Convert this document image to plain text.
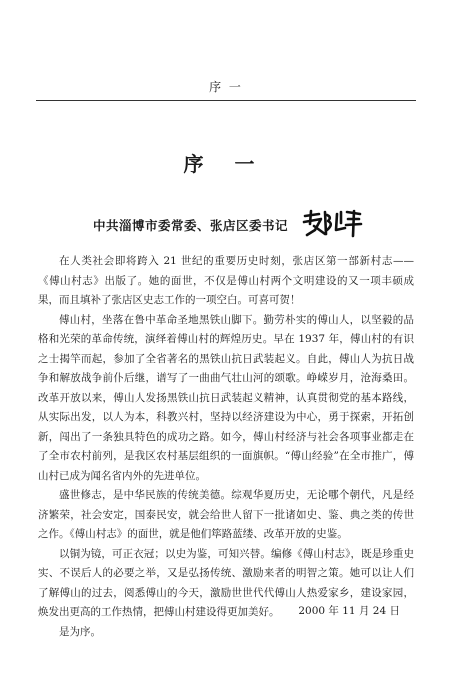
序 一
序 一
中共淄博市委常委、张店区委书记

在人类社会即将跨入 21 世纪的重要历史时刻，张店区第一部新村志——《傅山村志》出版了。她的面世，不仅是傅山村两个文明建设的又一项丰硕成果，而且填补了张店区史志工作的一项空白。可喜可贺！

傅山村，坐落在鲁中革命圣地黑铁山脚下。勤劳朴实的傅山人，以坚毅的品格和光荣的革命传统，演绎着傅山村的辉煌历史。早在 1937 年，傅山村的有识之士揭竿而起，参加了全省著名的黑铁山抗日武装起义。自此，傅山人为抗日战争和解放战争前仆后继，谱写了一曲曲气壮山河的颂歌。峥嵘岁月，沧海桑田。改革开放以来，傅山人发扬黑铁山抗日武装起义精神，认真贯彻党的基本路线，从实际出发，以人为本，科教兴村，坚持以经济建设为中心，勇于探索，开拓创新，闯出了一条独具特色的成功之路。如今，傅山村经济与社会各项事业都走在了全市农村前列，是我区农村基层组织的一面旗帜。“傅山经验”在全市推广，傅山村已成为闻名省内外的先进单位。

盛世修志，是中华民族的传统美德。综观华夏历史，无论哪个朝代，凡是经济繁荣，社会安定，国泰民安，就会给世人留下一批诸如史、鉴、典之类的传世之作。《傅山村志》的面世，就是他们筚路蓝缕、改革开放的史鉴。

以铜为镜，可正衣冠；以史为鉴，可知兴替。编修《傅山村志》，既是珍重史实、不误后人的必要之举，又是弘扬传统、激励来者的明智之策。她可以让人们了解傅山的过去，阅悉傅山的今天，激励世世代代傅山人热爱家乡，建设家园，焕发出更高的工作热情，把傅山村建设得更加美好。

是为序。

2000 年 11 月 24 日
